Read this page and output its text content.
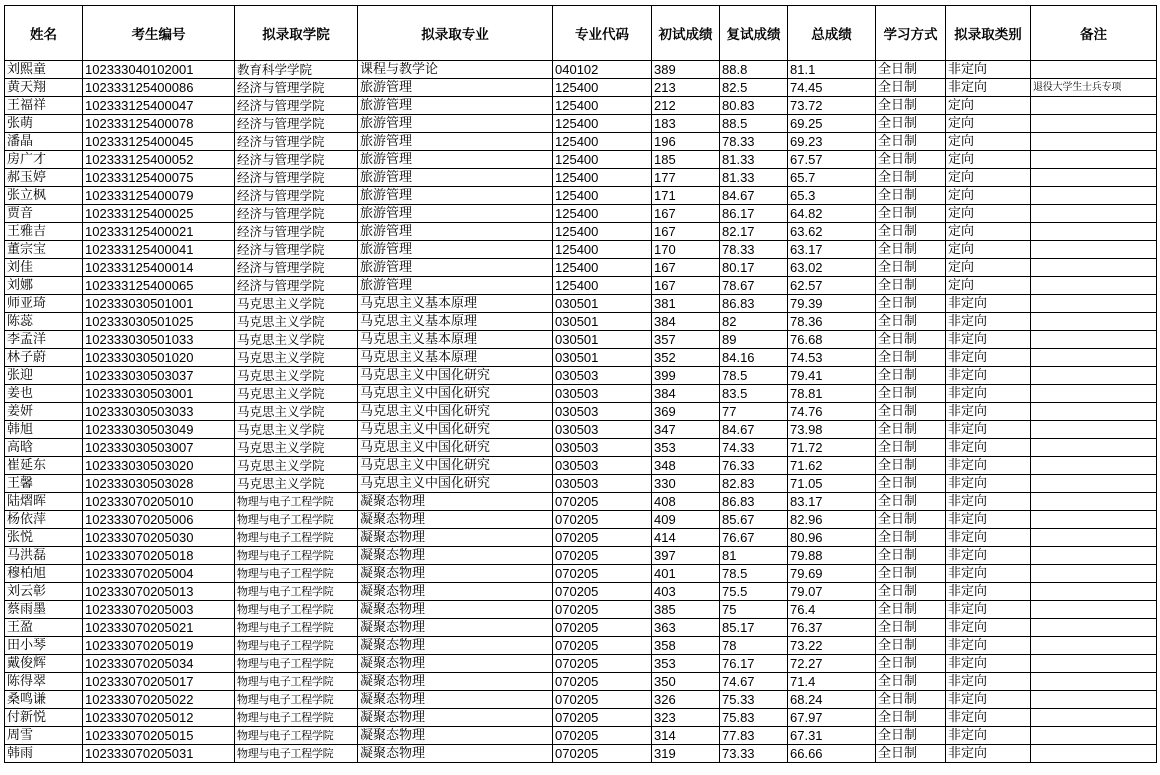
姓名	考生编号	拟录取学院	拟录取专业	专业代码	初试成绩	复试成绩	总成绩	学习方式	拟录取类别	备注
刘熙童	102333040102001	教育科学学院	课程与教学论	040102	389	88.8	81.1	全日制	非定向	
黄天翔	102333125400086	经济与管理学院	旅游管理	125400	213	82.5	74.45	全日制	非定向	退役大学生士兵专项
王福祥	102333125400047	经济与管理学院	旅游管理	125400	212	80.83	73.72	全日制	定向	
张萌	102333125400078	经济与管理学院	旅游管理	125400	183	88.5	69.25	全日制	定向	
潘晶	102333125400045	经济与管理学院	旅游管理	125400	196	78.33	69.23	全日制	定向	
房广才	102333125400052	经济与管理学院	旅游管理	125400	185	81.33	67.57	全日制	定向	
郝玉婷	102333125400075	经济与管理学院	旅游管理	125400	177	81.33	65.7	全日制	定向	
张立枫	102333125400079	经济与管理学院	旅游管理	125400	171	84.67	65.3	全日制	定向	
贾音	102333125400025	经济与管理学院	旅游管理	125400	167	86.17	64.82	全日制	定向	
王雅吉	102333125400021	经济与管理学院	旅游管理	125400	167	82.17	63.62	全日制	定向	
董宗宝	102333125400041	经济与管理学院	旅游管理	125400	170	78.33	63.17	全日制	定向	
刘佳	102333125400014	经济与管理学院	旅游管理	125400	167	80.17	63.02	全日制	定向	
刘娜	102333125400065	经济与管理学院	旅游管理	125400	167	78.67	62.57	全日制	定向	
师亚琦	102333030501001	马克思主义学院	马克思主义基本原理	030501	381	86.83	79.39	全日制	非定向	
陈蕊	102333030501025	马克思主义学院	马克思主义基本原理	030501	384	82	78.36	全日制	非定向	
李孟洋	102333030501033	马克思主义学院	马克思主义基本原理	030501	357	89	76.68	全日制	非定向	
林子蔚	102333030501020	马克思主义学院	马克思主义基本原理	030501	352	84.16	74.53	全日制	非定向	
张迎	102333030503037	马克思主义学院	马克思主义中国化研究	030503	399	78.5	79.41	全日制	非定向	
姜也	102333030503001	马克思主义学院	马克思主义中国化研究	030503	384	83.5	78.81	全日制	非定向	
姜妍	102333030503033	马克思主义学院	马克思主义中国化研究	030503	369	77	74.76	全日制	非定向	
韩旭	102333030503049	马克思主义学院	马克思主义中国化研究	030503	347	84.67	73.98	全日制	非定向	
高晗	102333030503007	马克思主义学院	马克思主义中国化研究	030503	353	74.33	71.72	全日制	非定向	
崔延东	102333030503020	马克思主义学院	马克思主义中国化研究	030503	348	76.33	71.62	全日制	非定向	
王馨	102333030503028	马克思主义学院	马克思主义中国化研究	030503	330	82.83	71.05	全日制	非定向	
陆熠晖	102333070205010	物理与电子工程学院	凝聚态物理	070205	408	86.83	83.17	全日制	非定向	
杨依萍	102333070205006	物理与电子工程学院	凝聚态物理	070205	409	85.67	82.96	全日制	非定向	
张悦	102333070205030	物理与电子工程学院	凝聚态物理	070205	414	76.67	80.96	全日制	非定向	
马洪磊	102333070205018	物理与电子工程学院	凝聚态物理	070205	397	81	79.88	全日制	非定向	
穆柏旭	102333070205004	物理与电子工程学院	凝聚态物理	070205	401	78.5	79.69	全日制	非定向	
刘云彰	102333070205013	物理与电子工程学院	凝聚态物理	070205	403	75.5	79.07	全日制	非定向	
蔡雨墨	102333070205003	物理与电子工程学院	凝聚态物理	070205	385	75	76.4	全日制	非定向	
王盈	102333070205021	物理与电子工程学院	凝聚态物理	070205	363	85.17	76.37	全日制	非定向	
田小琴	102333070205019	物理与电子工程学院	凝聚态物理	070205	358	78	73.22	全日制	非定向	
戴俊辉	102333070205034	物理与电子工程学院	凝聚态物理	070205	353	76.17	72.27	全日制	非定向	
陈得翠	102333070205017	物理与电子工程学院	凝聚态物理	070205	350	74.67	71.4	全日制	非定向	
桑鸣谦	102333070205022	物理与电子工程学院	凝聚态物理	070205	326	75.33	68.24	全日制	非定向	
付新悦	102333070205012	物理与电子工程学院	凝聚态物理	070205	323	75.83	67.97	全日制	非定向	
周雪	102333070205015	物理与电子工程学院	凝聚态物理	070205	314	77.83	67.31	全日制	非定向	
韩雨	102333070205031	物理与电子工程学院	凝聚态物理	070205	319	73.33	66.66	全日制	非定向	
